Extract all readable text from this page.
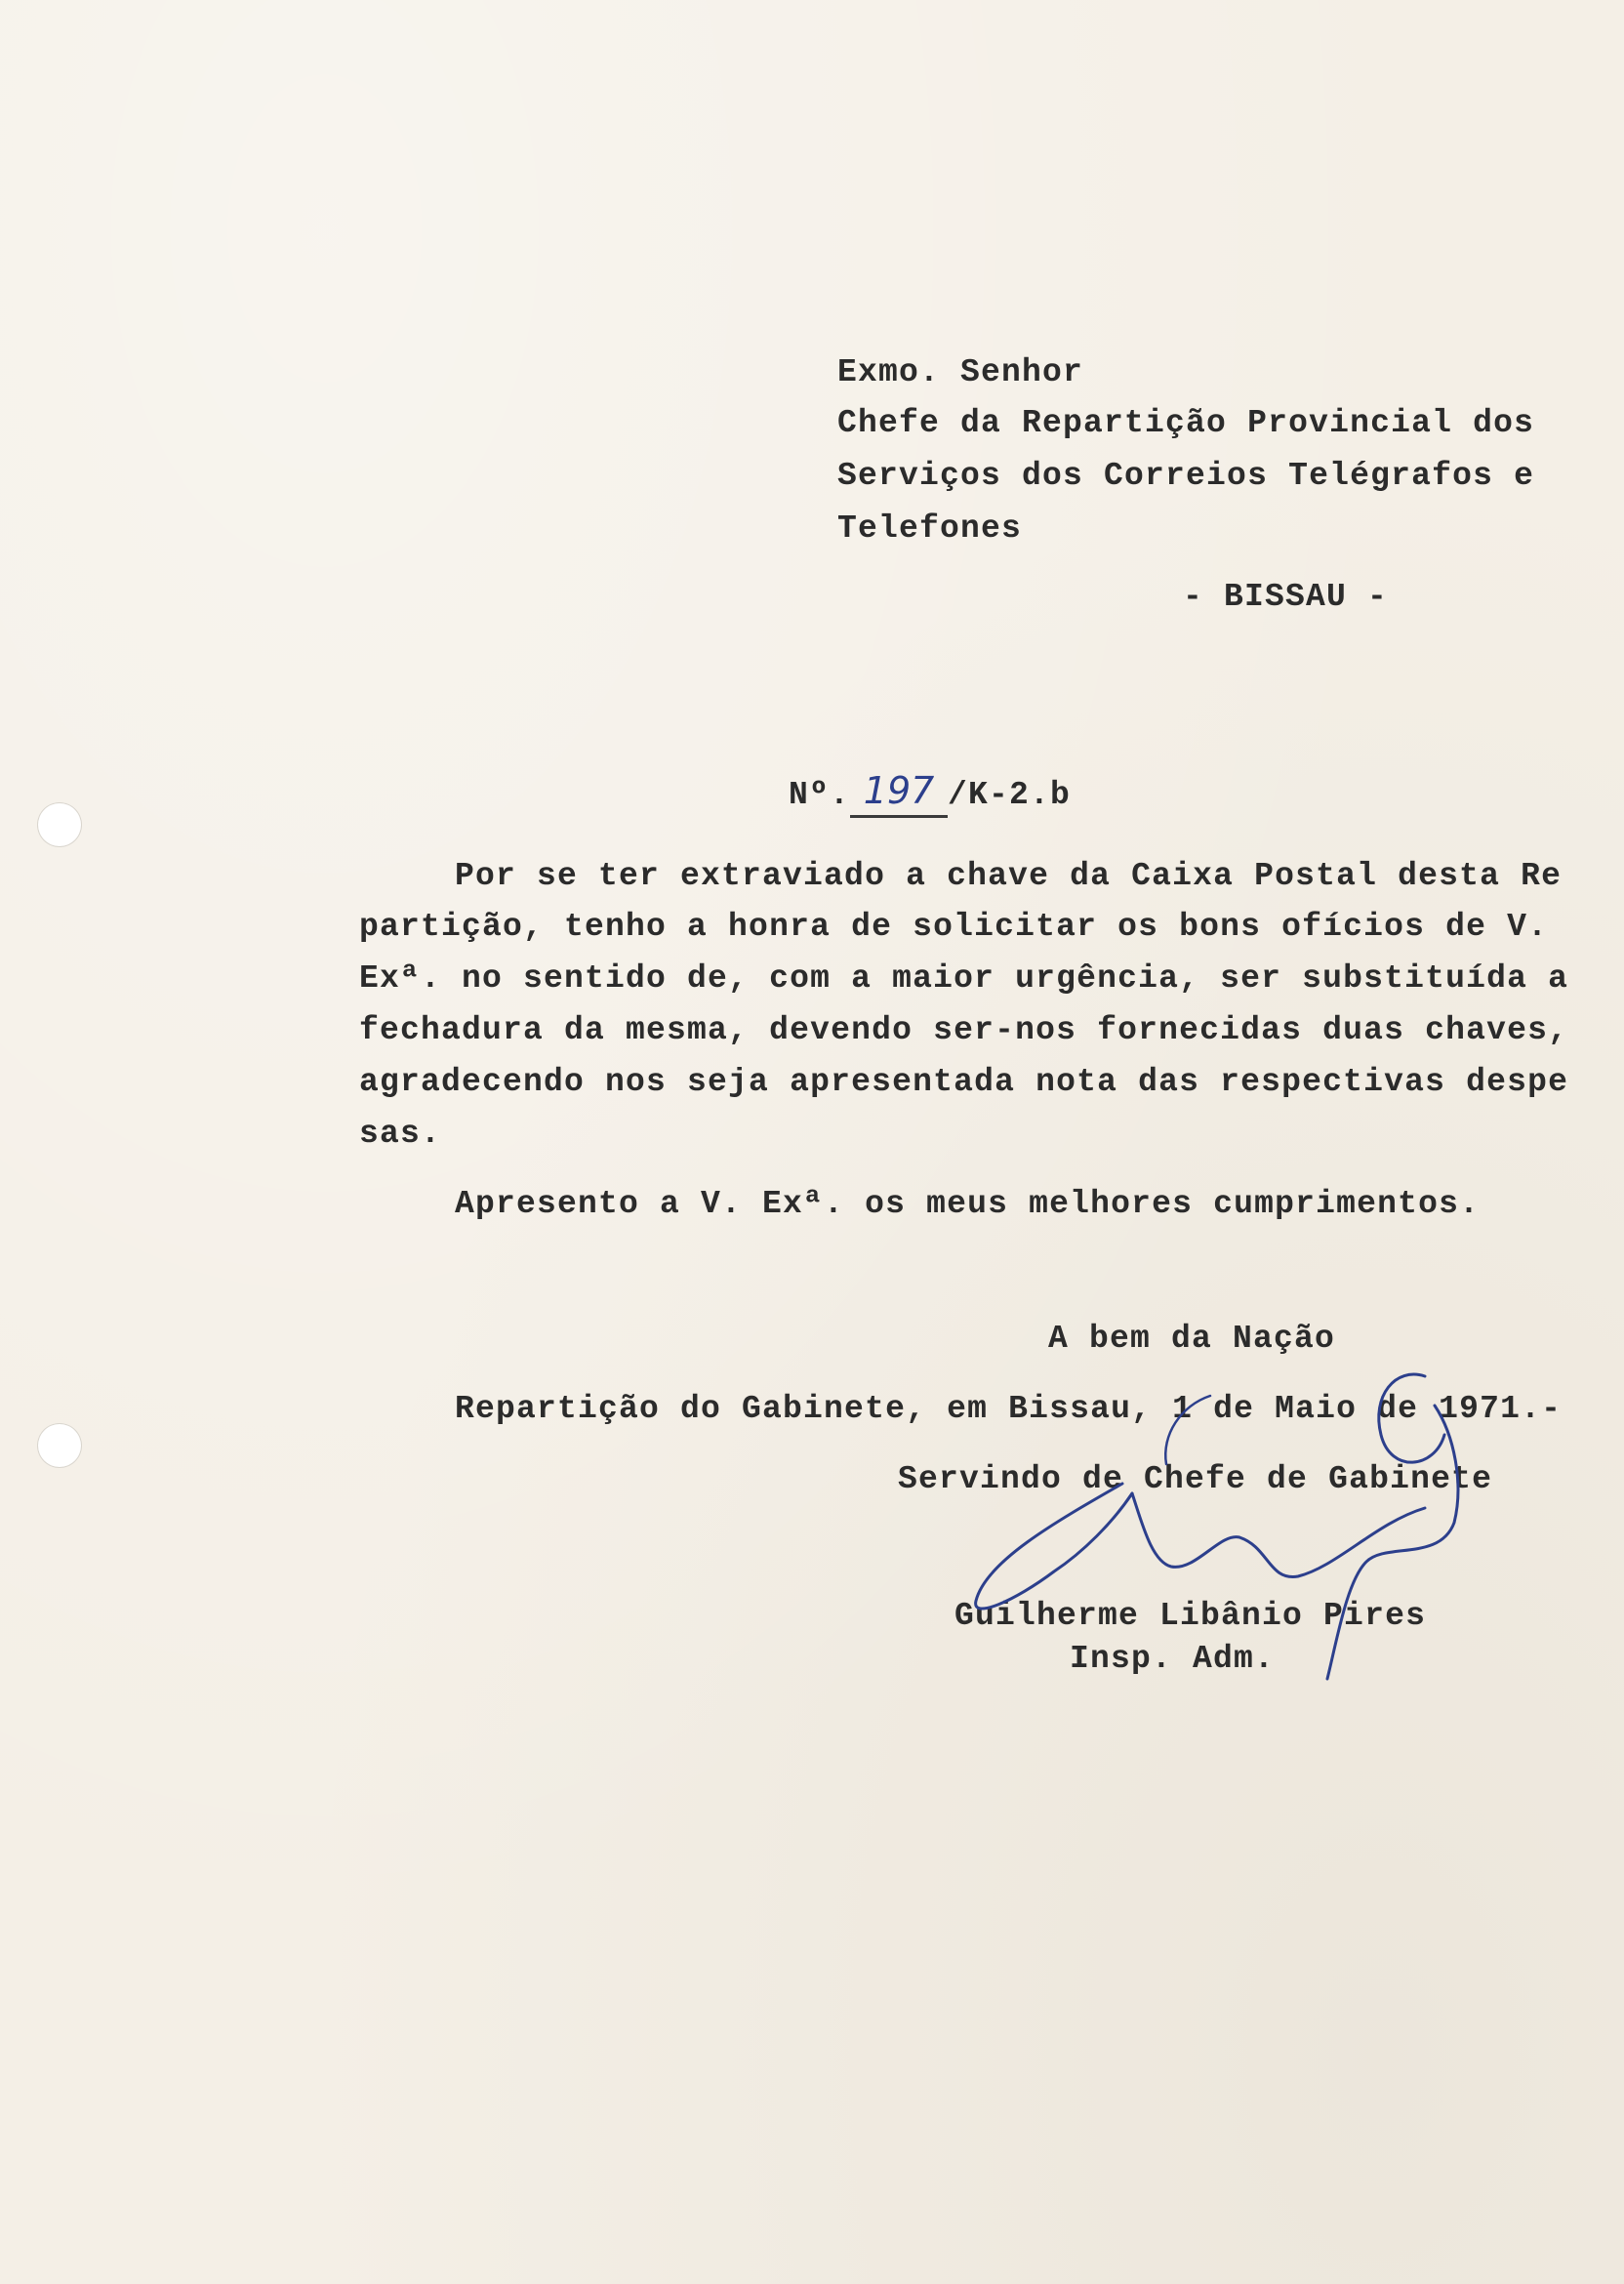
Exmo. Senhor
Chefe da Repartição Provincial dos
Serviços dos Correios Telégrafos e
Telefones
- BISSAU -

Nº. 197 /K-2.b

Por se ter extraviado a chave da Caixa Postal desta Re
partição, tenho a honra de solicitar os bons ofícios de V.
Exª. no sentido de, com a maior urgência, ser substituída a
fechadura da mesma, devendo ser-nos fornecidas duas chaves,
agradecendo nos seja apresentada nota das respectivas despe
sas.
Apresento a V. Exª. os meus melhores cumprimentos.
A bem da Nação
Repartição do Gabinete, em Bissau, 1 de Maio de 1971.-
Servindo de Chefe de Gabinete
Guilherme Libânio Pires
Insp. Adm.
